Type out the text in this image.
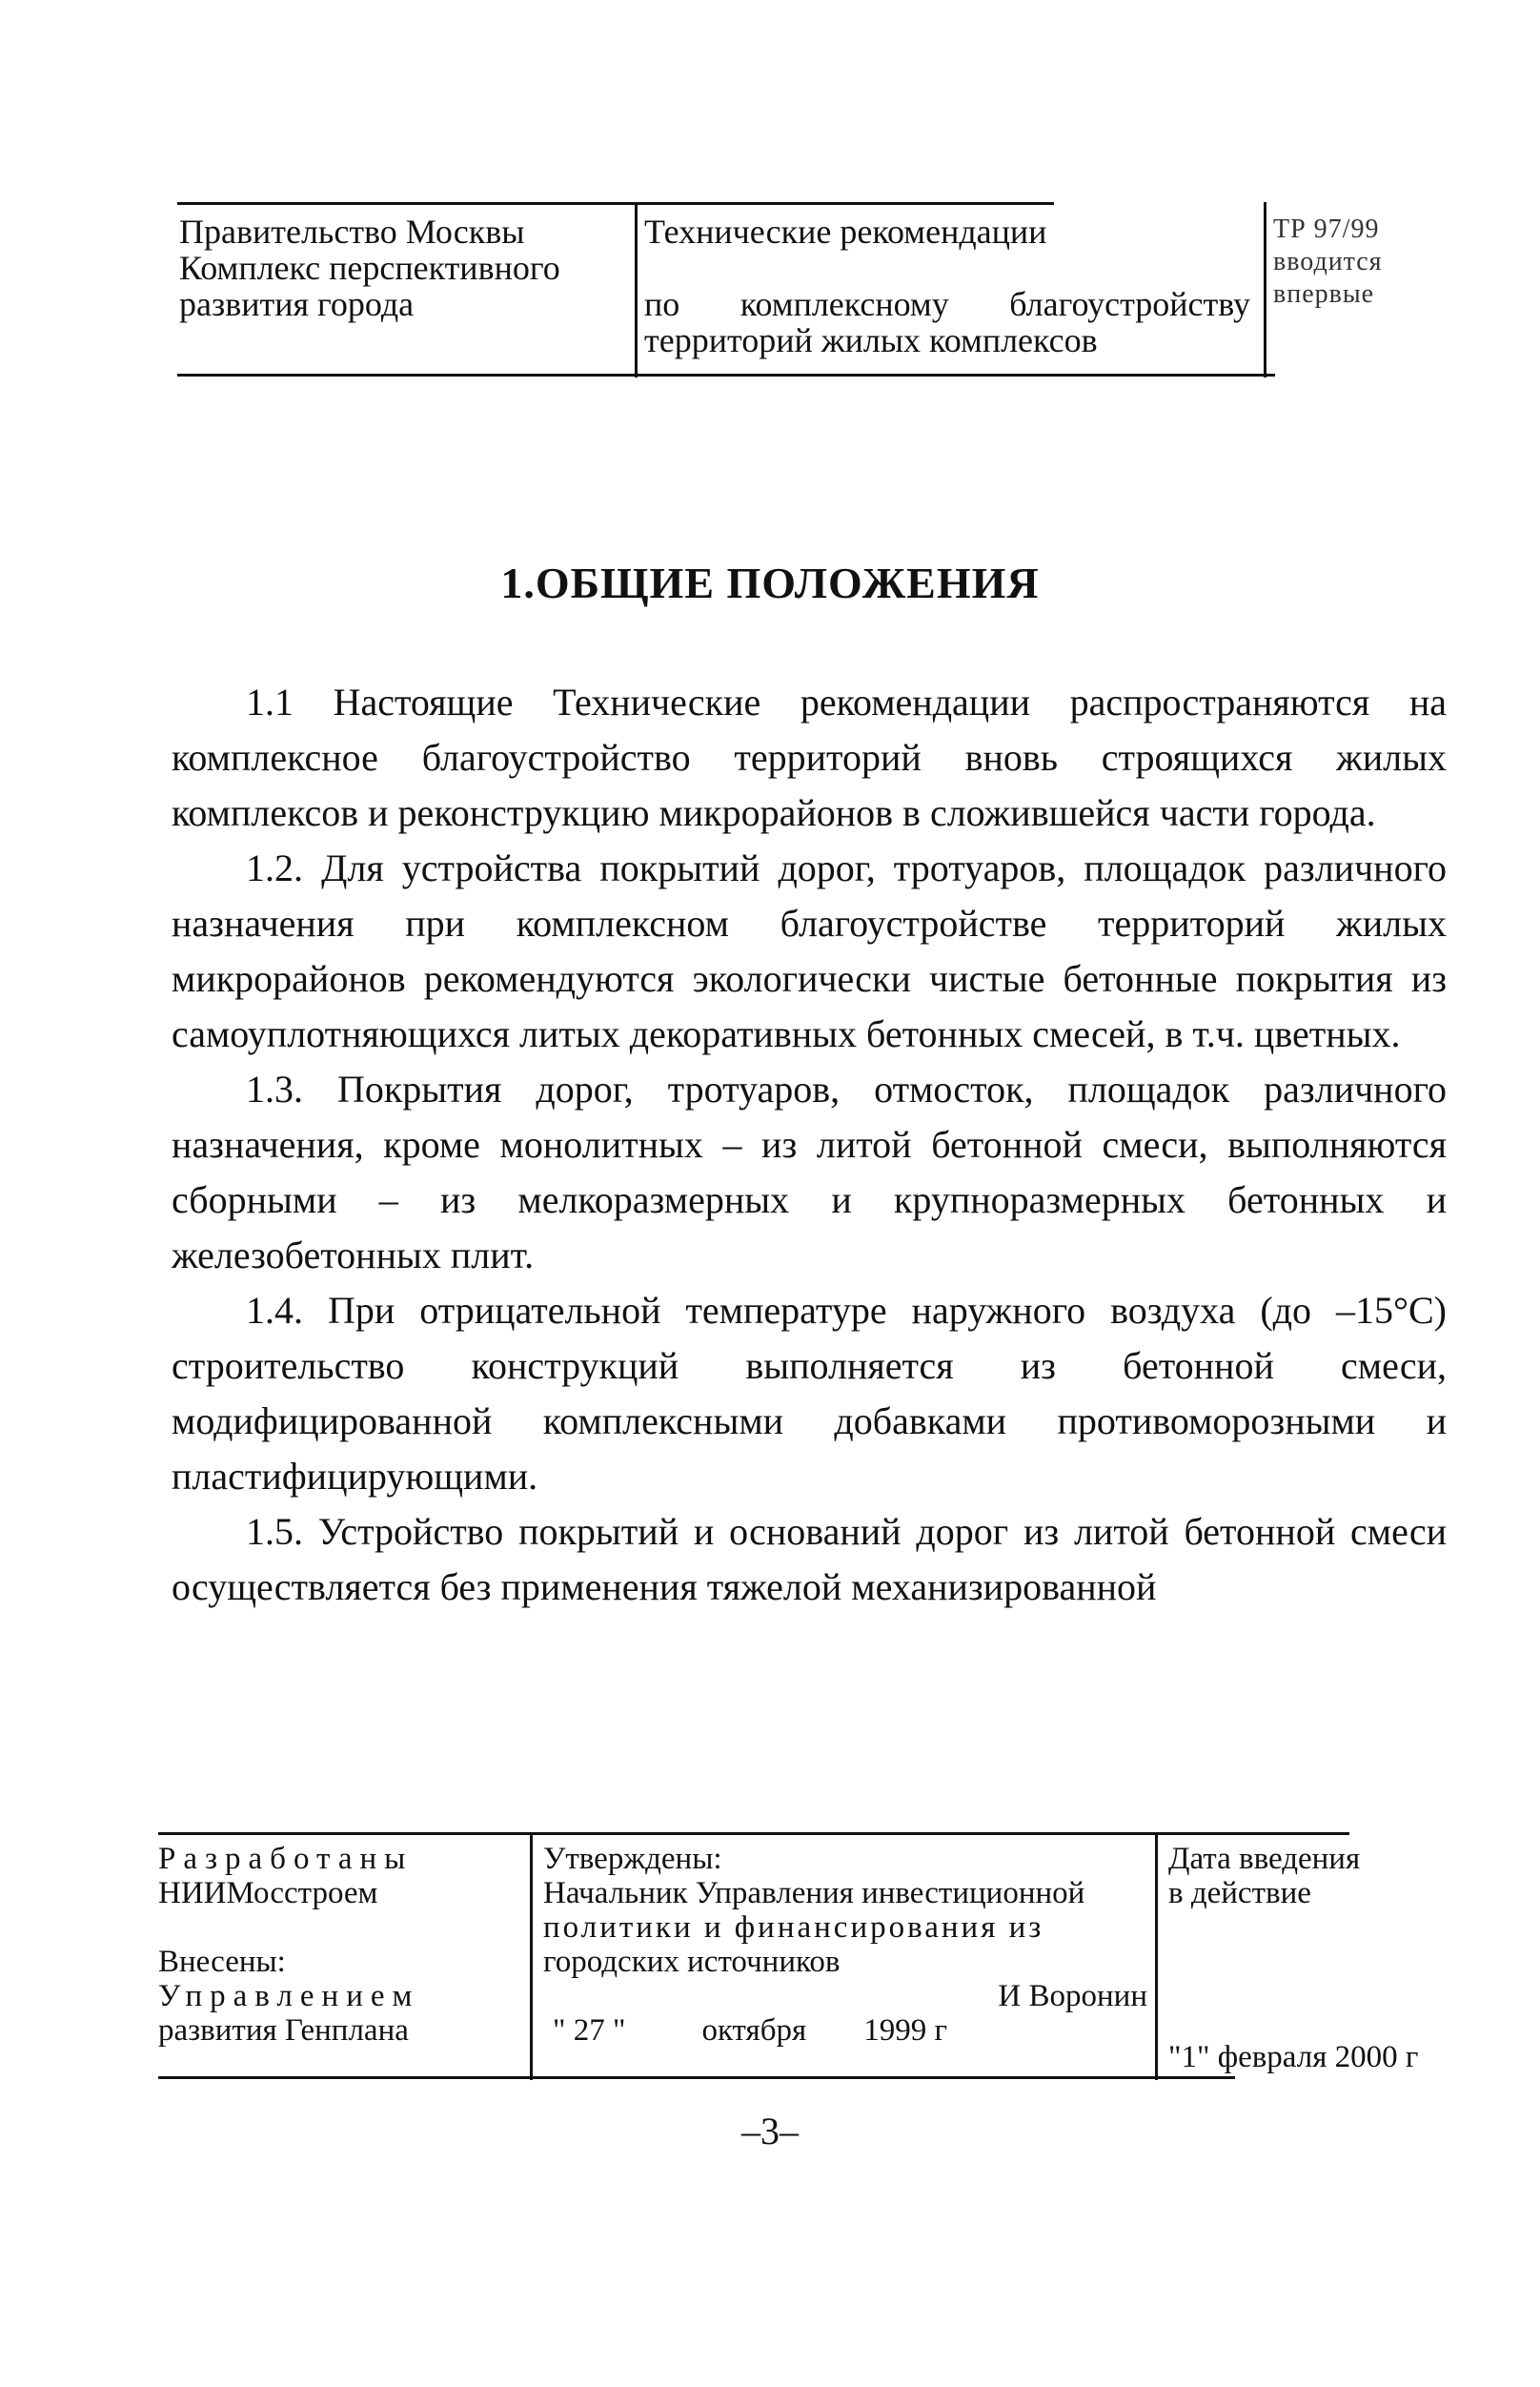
Правительство Москвы
Комплекс перспективного
развития города
Технические рекомендации
по комплексному благоустройству
территорий жилых комплексов
ТР 97/99
вводится
впервые
1.ОБЩИЕ ПОЛОЖЕНИЯ

1.1 Настоящие Технические рекомендации распространяются на комплексное благоустройство территорий вновь строящихся жилых комплексов и реконструкцию микрорайонов в сложившейся части города.

1.2. Для устройства покрытий дорог, тротуаров, площадок различного назначения при комплексном благоустройстве территорий жилых микрорайонов рекомендуются экологически чистые бетонные покрытия из самоуплотняющихся литых декоративных бетонных смесей, в т.ч. цветных.

1.3. Покрытия дорог, тротуаров, отмосток, площадок различного назначения, кроме монолитных – из литой бетонной смеси, выполняются сборными – из мелкоразмерных и крупноразмерных бетонных и железобетонных плит.

1.4. При отрицательной температуре наружного воздуха (до –15°С) строительство конструкций выполняется из бетонной смеси, модифицированной комплексными добавками противоморозными и пластифицирующими.

1.5. Устройство покрытий и оснований дорог из литой бетонной смеси осуществляется без применения тяжелой механизированной

Разработаны
НИИМосстроем
Внесены:
Управлением
развития Генплана
Утверждены:
Начальник Управления инвестиционной
политики и финансирования из
городских источников
И Воронин
" 27 "	октября	1999 г
Дата введения
в действие
"1" февраля 2000 г
–3–
